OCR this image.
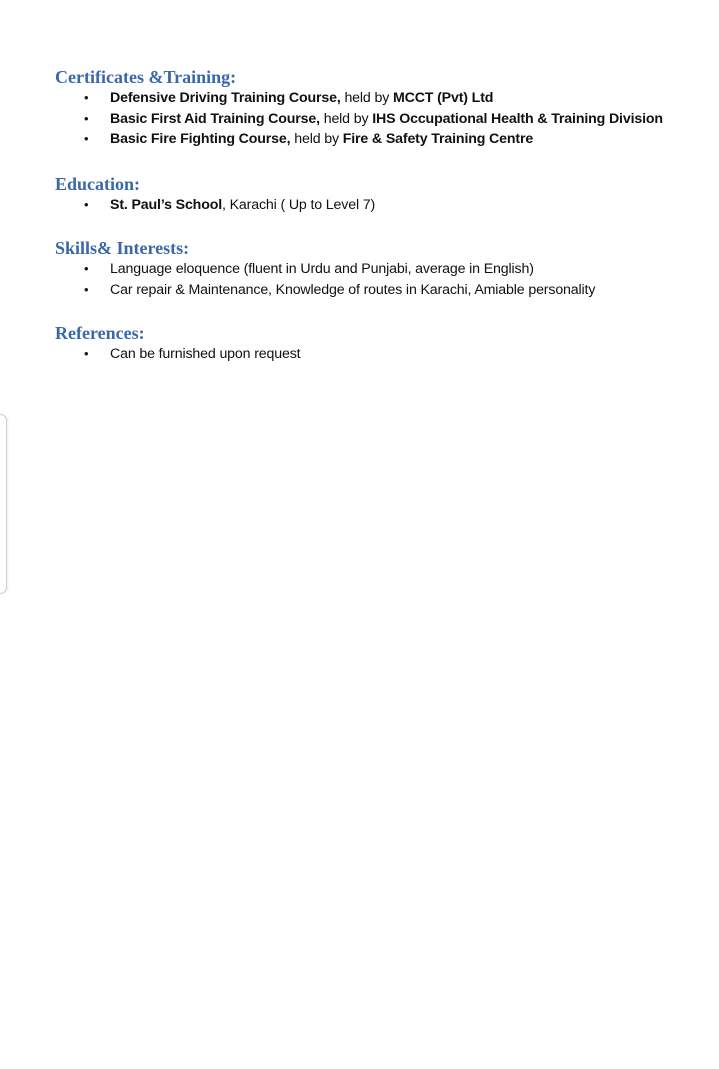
Certificates &Training:
• Defensive Driving Training Course, held by MCCT (Pvt) Ltd
• Basic First Aid Training Course, held by IHS Occupational Health & Training Division
• Basic Fire Fighting Course, held by Fire & Safety Training Centre
Education:
• St. Paul’s School, Karachi ( Up to Level 7)
Skills& Interests:
• Language eloquence (fluent in Urdu and Punjabi, average in English)
• Car repair & Maintenance, Knowledge of routes in Karachi, Amiable personality
References:
• Can be furnished upon request
